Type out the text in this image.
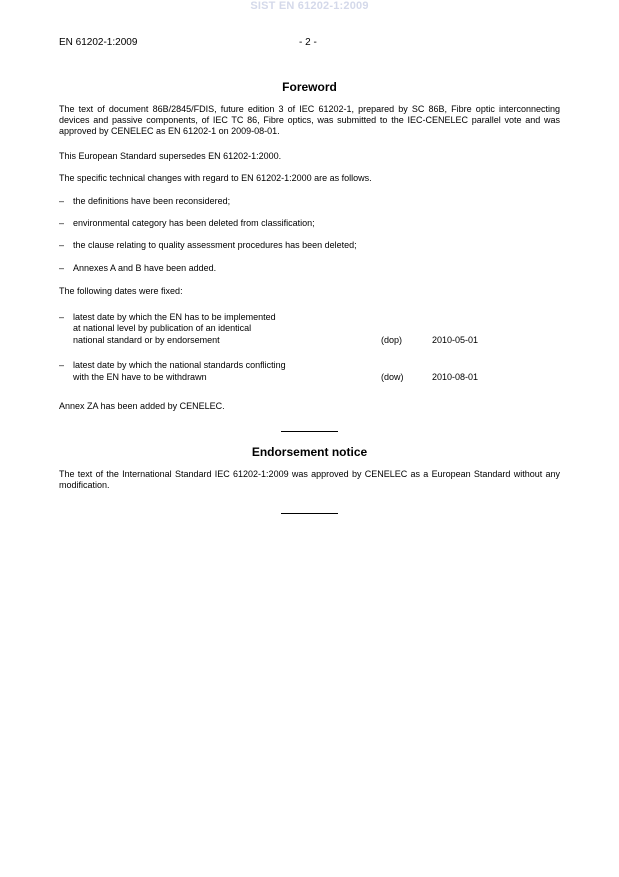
SIST EN 61202-1:2009
EN 61202-1:2009	- 2 -
Foreword
The text of document 86B/2845/FDIS, future edition 3 of IEC 61202-1, prepared by SC 86B, Fibre optic interconnecting devices and passive components, of IEC TC 86, Fibre optics, was submitted to the IEC-CENELEC parallel vote and was approved by CENELEC as EN 61202-1 on 2009-08-01.
This European Standard supersedes EN 61202-1:2000.
The specific technical changes with regard to EN 61202-1:2000 are as follows.
– the definitions have been reconsidered;
– environmental category has been deleted from classification;
– the clause relating to quality assessment procedures has been deleted;
– Annexes A and B have been added.
The following dates were fixed:
– latest date by which the EN has to be implemented
at national level by publication of an identical
national standard or by endorsement	(dop)	2010-05-01
– latest date by which the national standards conflicting
with the EN have to be withdrawn	(dow)	2010-08-01
Annex ZA has been added by CENELEC.
Endorsement notice
The text of the International Standard IEC 61202-1:2009 was approved by CENELEC as a European Standard without any modification.
